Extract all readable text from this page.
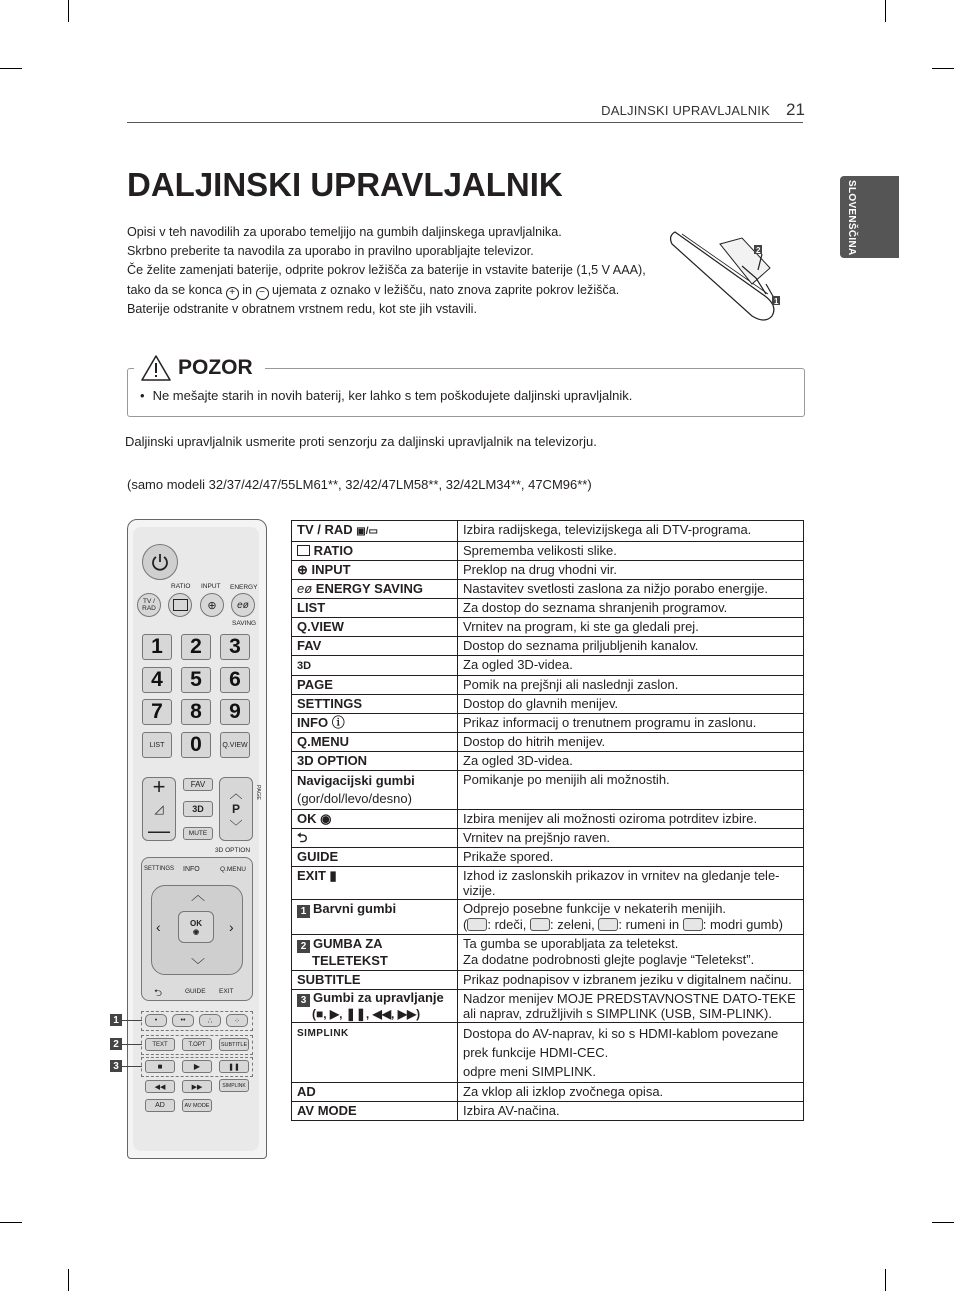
DALJINSKI UPRAVLJALNIK 21
SLOVENŠČINA
DALJINSKI UPRAVLJALNIK

Opisi v teh navodilih za uporabo temeljijo na gumbih daljinskega upravljalnika.

Skrbno preberite ta navodila za uporabo in pravilno uporabljajte televizor.

Če želite zamenjati baterije, odprite pokrov ležišča za baterije in vstavite baterije (1,5 V AAA),

tako da se konca + in − ujemata z oznako v ležišču, nato znova zaprite pokrov ležišča.

Baterije odstranite v obratnem vrstnem redu, kot ste jih vstavili.

2
1
POZOR
• Ne mešajte starih in novih baterij, ker lahko s tem poškodujete daljinski upravljalnik.
Daljinski upravljalnik usmerite proti senzorju za daljinski upravljalnik na televizorju.
(samo modeli 32/37/42/47/55LM61**, 32/42/47LM58**, 32/42LM34**, 47CM96**)
RATIO INPUT ENERGY
TV / RAD	⊕ eø
SAVING
1	2	3
4	5	6
7	8	9
LIST	0	Q.VIEW
+
◿
—
FAV
3D
MUTE
︿
P
﹀
PAGE
3D OPTION
SETTINGS INFO	Q.MENU
︿
﹀
‹	›
OK
◉
⮌	GUIDE EXIT
•	••	∴	⁘
TEXT	T.OPT	SUBTITLE
■	▶	❚❚
◀◀	▶▶	SIMPLINK
AD	AV MODE
1
2
3
TV / RAD ▣/▭	Izbira radijskega, televizijskega ali DTV-programa.
RATIO	Sprememba velikosti slike.
⊕ INPUT	Preklop na drug vhodni vir.
eø ENERGY SAVING	Nastavitev svetlosti zaslona za nižjo porabo energije.
LIST	Za dostop do seznama shranjenih programov.
Q.VIEW	Vrnitev na program, ki ste ga gledali prej.
FAV	Dostop do seznama priljubljenih kanalov.
3D	Za ogled 3D-videa.
PAGE	Pomik na prejšnji ali naslednji zaslon.
SETTINGS	Dostop do glavnih menijev.
INFO ⓘ	Prikaz informacij o trenutnem programu in zaslonu.
Q.MENU	Dostop do hitrih menijev.
3D OPTION	Za ogled 3D-videa.
Navigacijski gumbi
(gor/dol/levo/desno)	Pomikanje po menijih ali možnostih.
OK ◉	Izbira menijev ali možnosti oziroma potrditev izbire.
⮌	Vrnitev na prejšnjo raven.
GUIDE	Prikaže spored.
EXIT ▮	Izhod iz zaslonskih prikazov in vrnitev na gledanje tele-vizije.
1 Barvni gumbi	Odprejo posebne funkcije v nekaterih menijih.
( : rdeči, : zeleni, : rumeni in : modri gumb)
2 GUMBA ZA TELETEKST	Ta gumba se uporabljata za teletekst.
Za dodatne podrobnosti glejte poglavje “Teletekst”.
SUBTITLE	Prikaz podnapisov v izbranem jeziku v digitalnem načinu.
3 Gumbi za upravljanje
(■, ▶, ❚❚, ◀◀, ▶▶)	Nadzor menijev MOJE PREDSTAVNOSTNE DATO-TEKE ali naprav, združljivih s SIMPLINK (USB, SIM-PLINK).
SIMPLINK	Dostopa do AV-naprav, ki so s HDMI-kablom povezane
prek funkcije HDMI-CEC.
odpre meni SIMPLINK.
AD	Za vklop ali izklop zvočnega opisa.
AV MODE	Izbira AV-načina.
